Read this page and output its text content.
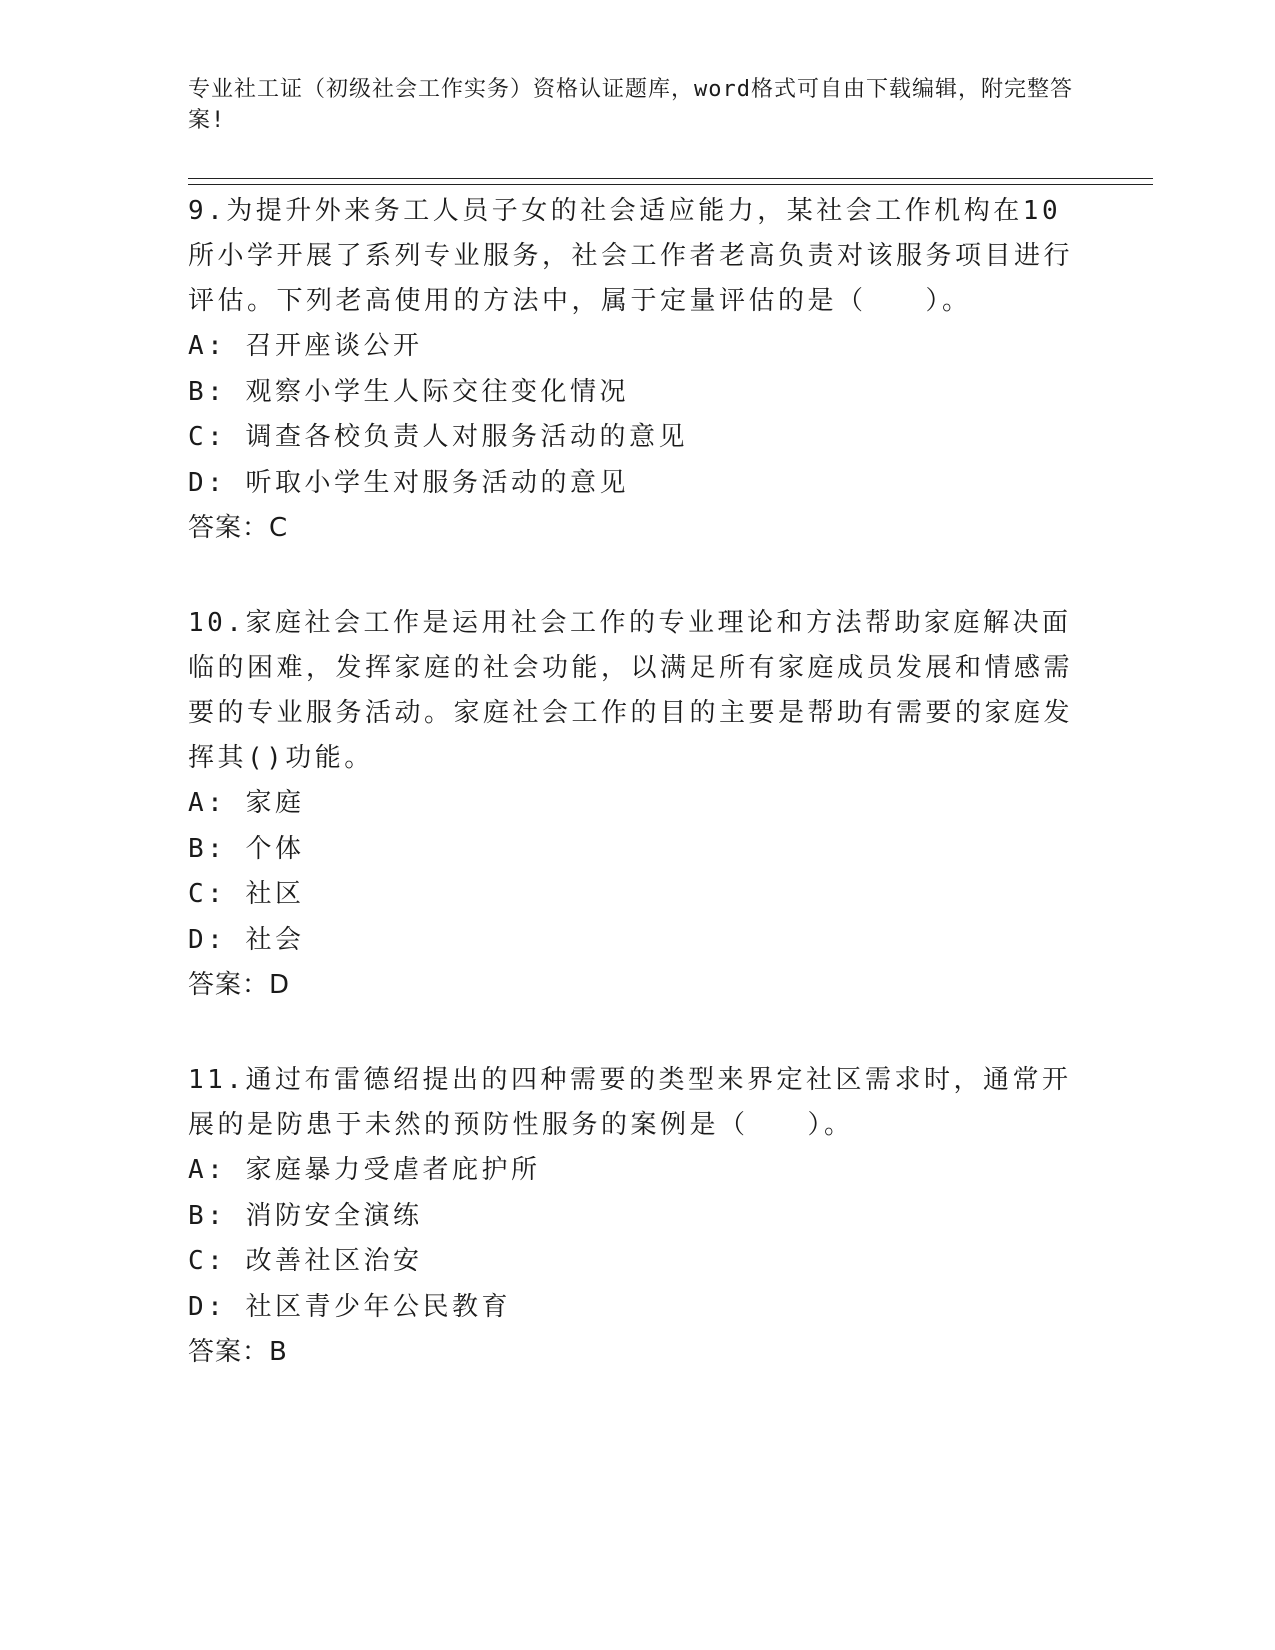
专业社工证（初级社会工作实务）资格认证题库，word格式可自由下载编辑，附完整答案!

9.为提升外来务工人员子女的社会适应能力，某社会工作机构在10所小学开展了系列专业服务，社会工作者老高负责对该服务项目进行评估。下列老高使用的方法中，属于定量评估的是（　　）。

A: 召开座谈公开

B: 观察小学生人际交往变化情况

C: 调查各校负责人对服务活动的意见

D: 听取小学生对服务活动的意见

答案：C

10.家庭社会工作是运用社会工作的专业理论和方法帮助家庭解决面临的困难，发挥家庭的社会功能，以满足所有家庭成员发展和情感需要的专业服务活动。家庭社会工作的目的主要是帮助有需要的家庭发挥其()功能。

A: 家庭

B: 个体

C: 社区

D: 社会

答案：D

11.通过布雷德绍提出的四种需要的类型来界定社区需求时，通常开展的是防患于未然的预防性服务的案例是（　　）。

A: 家庭暴力受虐者庇护所

B: 消防安全演练

C: 改善社区治安

D: 社区青少年公民教育

答案：B
